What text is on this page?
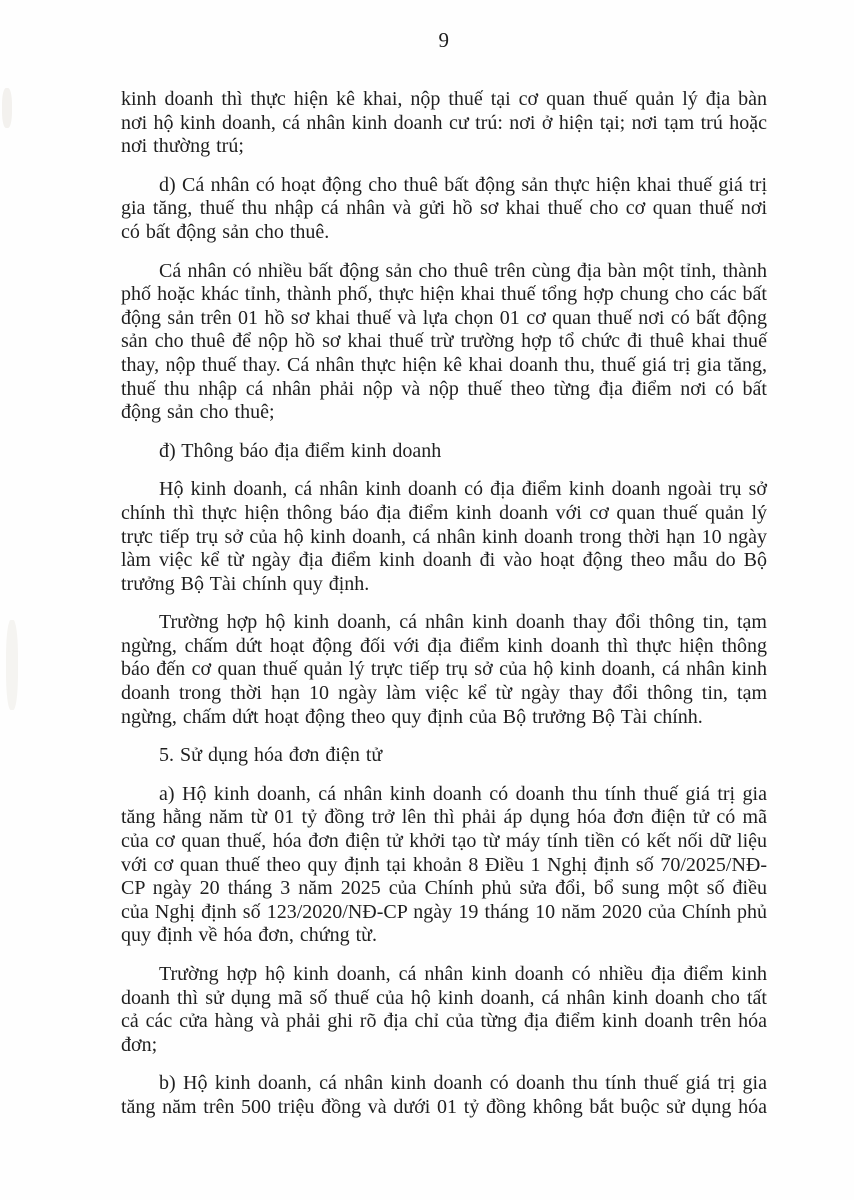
9

kinh doanh thì thực hiện kê khai, nộp thuế tại cơ quan thuế quản lý địa bàn nơi hộ kinh doanh, cá nhân kinh doanh cư trú: nơi ở hiện tại; nơi tạm trú hoặc nơi thường trú;

d) Cá nhân có hoạt động cho thuê bất động sản thực hiện khai thuế giá trị gia tăng, thuế thu nhập cá nhân và gửi hồ sơ khai thuế cho cơ quan thuế nơi có bất động sản cho thuê.

Cá nhân có nhiều bất động sản cho thuê trên cùng địa bàn một tỉnh, thành phố hoặc khác tỉnh, thành phố, thực hiện khai thuế tổng hợp chung cho các bất động sản trên 01 hồ sơ khai thuế và lựa chọn 01 cơ quan thuế nơi có bất động sản cho thuê để nộp hồ sơ khai thuế trừ trường hợp tổ chức đi thuê khai thuế thay, nộp thuế thay. Cá nhân thực hiện kê khai doanh thu, thuế giá trị gia tăng, thuế thu nhập cá nhân phải nộp và nộp thuế theo từng địa điểm nơi có bất động sản cho thuê;

đ) Thông báo địa điểm kinh doanh

Hộ kinh doanh, cá nhân kinh doanh có địa điểm kinh doanh ngoài trụ sở chính thì thực hiện thông báo địa điểm kinh doanh với cơ quan thuế quản lý trực tiếp trụ sở của hộ kinh doanh, cá nhân kinh doanh trong thời hạn 10 ngày làm việc kể từ ngày địa điểm kinh doanh đi vào hoạt động theo mẫu do Bộ trưởng Bộ Tài chính quy định.

Trường hợp hộ kinh doanh, cá nhân kinh doanh thay đổi thông tin, tạm ngừng, chấm dứt hoạt động đối với địa điểm kinh doanh thì thực hiện thông báo đến cơ quan thuế quản lý trực tiếp trụ sở của hộ kinh doanh, cá nhân kinh doanh trong thời hạn 10 ngày làm việc kể từ ngày thay đổi thông tin, tạm ngừng, chấm dứt hoạt động theo quy định của Bộ trưởng Bộ Tài chính.

5. Sử dụng hóa đơn điện tử

a) Hộ kinh doanh, cá nhân kinh doanh có doanh thu tính thuế giá trị gia tăng hằng năm từ 01 tỷ đồng trở lên thì phải áp dụng hóa đơn điện tử có mã của cơ quan thuế, hóa đơn điện tử khởi tạo từ máy tính tiền có kết nối dữ liệu với cơ quan thuế theo quy định tại khoản 8 Điều 1 Nghị định số 70/2025/NĐ-CP ngày 20 tháng 3 năm 2025 của Chính phủ sửa đổi, bổ sung một số điều của Nghị định số 123/2020/NĐ-CP ngày 19 tháng 10 năm 2020 của Chính phủ quy định về hóa đơn, chứng từ.

Trường hợp hộ kinh doanh, cá nhân kinh doanh có nhiều địa điểm kinh doanh thì sử dụng mã số thuế của hộ kinh doanh, cá nhân kinh doanh cho tất cả các cửa hàng và phải ghi rõ địa chỉ của từng địa điểm kinh doanh trên hóa đơn;

b) Hộ kinh doanh, cá nhân kinh doanh có doanh thu tính thuế giá trị gia tăng năm trên 500 triệu đồng và dưới 01 tỷ đồng không bắt buộc sử dụng hóa
